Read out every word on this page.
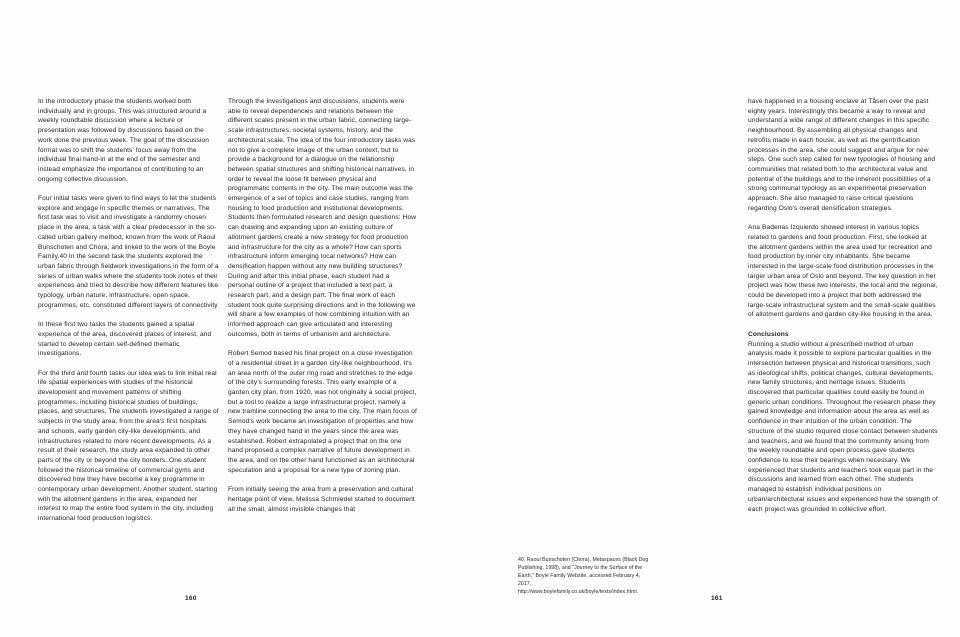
In the introductory phase the students worked both individually and in groups. This was structured around a weekly roundtable discussion where a lecture or presentation was followed by discussions based on the work done the previous week. The goal of the discussion format was to shift the students' focus away from the individual final hand-in at the end of the semester and instead emphasize the importance of contributing to an ongoing collective discussion.

Four initial tasks were given to find ways to let the students explore and engage in specific themes or narratives. The first task was to visit and investigate a randomly chosen place in the area, a task with a clear predecessor in the so-called urban gallery method, known from the work of Raoul Bunschoten and Chora, and linked to the work of the Boyle Family.40 In the second task the students explored the urban fabric through fieldwork investigations in the form of a series of urban walks where the students took notes of their experiences and tried to describe how different features like typology, urban nature, infrastructure, open space, programmes, etc. constituted different layers of connectivity

In these first two tasks the students gained a spatial experience of the area, discovered places of interest, and started to develop certain self-defined thematic investigations.

For the third and fourth tasks our idea was to link initial real life spatial experiences with studies of the historical development and movement patterns of shifting programmes, including historical studies of buildings, places, and structures. The students investigated a range of subjects in the study area, from the area's first hospitals and schools, early garden city-like developments, and infrastructures related to more recent developments. As a result of their research, the study area expanded to other parts of the city or beyond the city borders. One student followed the historical timeline of commercial gyms and discovered how they have become a key programme in contemporary urban development. Another student, starting with the allotment gardens in the area, expanded her interest to map the entire food system in the city, including international food production logistics.

Through the investigations and discussions, students were able to reveal dependencies and relations between the different scales present in the urban fabric, connecting large-scale infrastructures, societal systems, history, and the architectural scale. The idea of the four introductory tasks was not to give a complete image of the urban context, but to provide a background for a dialogue on the relationship between spatial structures and shifting historical narratives, in order to reveal the loose fit between physical and programmatic contents in the city. The main outcome was the emergence of a set of topics and case studies, ranging from housing to food production and institutional developments. Students then formulated research and design questions: How can drawing and expanding upon an existing culture of allotment gardens create a new strategy for food production and infrastructure for the city as a whole? How can sports infrastructure inform emerging local networks? How can densification happen without any new building structures? During and after this initial phase, each student had a personal outline of a project that included a text part, a research part, and a design part. The final work of each student took quite surprising directions and in the following we will share a few examples of how combining intuition with an informed approach can give articulated and interesting outcomes, both in terms of urbanism and architecture.

Robert Semod based his final project on a close investigation of a residential street in a garden city-like neighbourhood. It's an area north of the outer ring road and stretches to the edge of the city's surrounding forests. This early example of a garden city plan, from 1920, was not originally a social project, but a tool to realize a large infrastructural project, namely a new tramline connecting the area to the city. The main focus of Semod's work became an investigation of properties and how they have changed hand in the years since the area was established. Robert extrapolated a project that on the one hand proposed a complex narrative of future development in the area, and on the other hand functioned as an architectural speculation and a proposal for a new type of zoning plan.

From initially seeing the area from a preservation and cultural heritage point of view, Melissa Schmiedel started to document all the small, almost invisible changes that

have happened in a housing enclave at Tåsen over the past eighty years. Interestingly this became a way to reveal and understand a wide range of different changes in this specific neighbourhood. By assembling all physical changes and retrofits made in each house, as well as the gentrification processes in the area, she could suggest and argue for new steps. One such step called for new typologies of housing and communities that related both to the architectural value and potential of the buildings and to the inherent possibilities of a strong communal typology as an experimental preservation approach. She also managed to raise critical questions regarding Oslo's overall densification strategies.

Ana Badenas Izquierdo showed interest in various topics related to gardens and food production. First, she looked at the allotment gardens within the area used for recreation and food production by inner city inhabitants. She became interested in the large-scale food distribution processes in the larger urban area of Oslo and beyond. The key question in her project was how these two interests, the local and the regional, could be developed into a project that both addressed the large-scale infrastructural system and the small-scale qualities of allotment gardens and garden city-like housing in the area.

Conclusions

Running a studio without a prescribed method of urban analysis made it possible to explore particular qualities in the intersection between physical and historical transitions, such as ideological shifts, political changes, cultural developments, new family structures, and heritage issues. Students discovered that particular qualities could easily be found in generic urban conditions. Throughout the research phase they gained knowledge and information about the area as well as confidence in their intuition of the urban condition. The structure of the studio required close contact between students and teachers, and we found that the community arising from the weekly roundtable and open process gave students confidence to lose their bearings when necessary. We experienced that students and teachers took equal part in the discussions and learned from each other. The students managed to establish individual positions on urban/architectural issues and experienced how the strength of each project was grounded in collective effort.

40. Raoul Bunschoten (Chora), Metaspaces (Black Dog Publishing, 1998), and "Journey to the Surface of the Earth," Boyle Family Website, accessed February 4, 2017, http://www.boylefamily.co.uk/boyle/texts/index.html.
160	161
